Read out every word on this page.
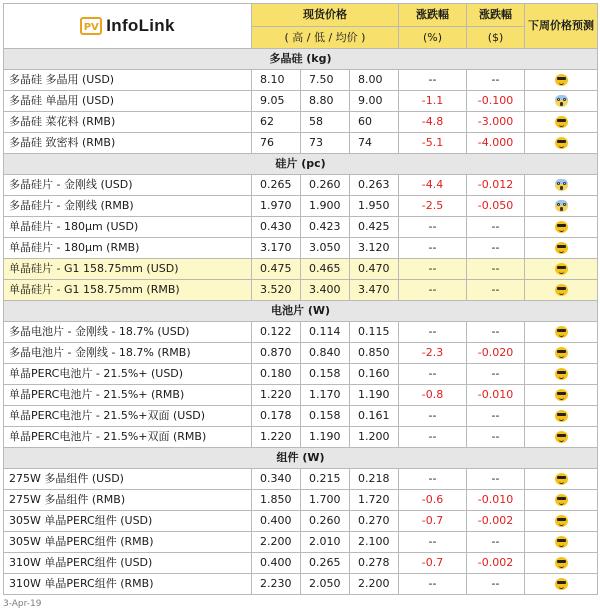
PV InfoLink	现货价格			涨跌幅	涨跌幅	下周价格预测
	( 高 / 低 / 均价 )			(%)	($)	
多晶硅 (kg)						
多晶硅 多晶用 (USD)	8.10	7.50	8.00	--	--	

多晶硅 单晶用 (USD)	9.05	8.80	9.00	-1.1	-0.100	

多晶硅 菜花料 (RMB)	62	58	60	-4.8	-3.000	

多晶硅 致密料 (RMB)	76	73	74	-5.1	-4.000	

硅片 (pc)						
多晶硅片 - 金刚线 (USD)	0.265	0.260	0.263	-4.4	-0.012	

多晶硅片 - 金刚线 (RMB)	1.970	1.900	1.950	-2.5	-0.050	

单晶硅片 - 180μm (USD)	0.430	0.423	0.425	--	--	

单晶硅片 - 180μm (RMB)	3.170	3.050	3.120	--	--	

单晶硅片 - G1 158.75mm (USD)	0.475	0.465	0.470	--	--	

单晶硅片 - G1 158.75mm (RMB)	3.520	3.400	3.470	--	--	

电池片 (W)						
多晶电池片 - 金刚线 - 18.7% (USD)	0.122	0.114	0.115	--	--	

多晶电池片 - 金刚线 - 18.7% (RMB)	0.870	0.840	0.850	-2.3	-0.020	

单晶PERC电池片 - 21.5%+ (USD)	0.180	0.158	0.160	--	--	

单晶PERC电池片 - 21.5%+ (RMB)	1.220	1.170	1.190	-0.8	-0.010	

单晶PERC电池片 - 21.5%+双面 (USD)	0.178	0.158	0.161	--	--	

单晶PERC电池片 - 21.5%+双面 (RMB)	1.220	1.190	1.200	--	--	

组件 (W)						
275W 多晶组件 (USD)	0.340	0.215	0.218	--	--	

275W 多晶组件 (RMB)	1.850	1.700	1.720	-0.6	-0.010	

305W 单晶PERC组件 (USD)	0.400	0.260	0.270	-0.7	-0.002	

305W 单晶PERC组件 (RMB)	2.200	2.010	2.100	--	--	

310W 单晶PERC组件 (USD)	0.400	0.265	0.278	-0.7	-0.002	

310W 单晶PERC组件 (RMB)	2.230	2.050	2.200	--	--	
3-Apr-19
